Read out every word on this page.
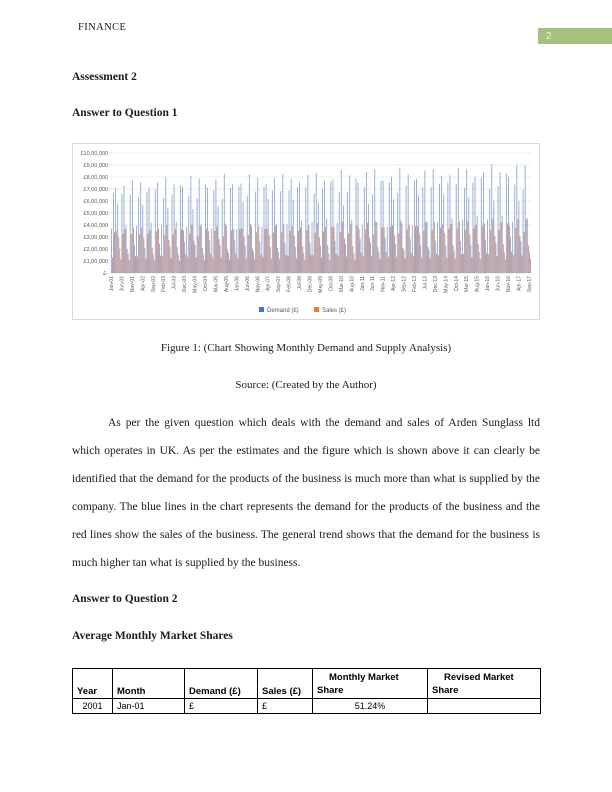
FINANCE
2
Assessment 2
Answer to Question 1
£-
£1,00,000
£2,00,000
£3,00,000
£4,00,000
£5,00,000
£6,00,000
£7,00,000
£8,00,000
£9,00,000
£10,00,000
Jan-01 Jun-01 Nov-01 Apr-02 Sep-02 Feb-03 Jul-03 Dec-03 May-04 Oct-04 Mar-05 Aug-05 Jan-06 Jun-06 Nov-06 Apr-07 Sep-07 Feb-08 Jul-08 Dec-08 May-09 Oct-09 Mar-10 Aug-10 Jan-11 Jun-11 Nov-11 Apr-12 Sep-12 Feb-13 Jul-13 Dec-13 May-14 Oct-14 Mar-15 Aug-15 Jan-16 Jun-16 Nov-16 Apr-17 Sep-17
Demand (£)	Sales (£)

Figure 1: (Chart Showing Monthly Demand and Supply Analysis)

Source: (Created by the Author)

As per the given question which deals with the demand and sales of Arden Sunglass ltd which operates in UK. As per the estimates and the figure which is shown above it can clearly be identified that the demand for the products of the business is much more than what is supplied by the company. The blue lines in the chart represents the demand for the products of the business and the red lines show the sales of the business. The general trend shows that the demand for the business is much higher tan what is supplied by the business.

Answer to Question 2
Average Monthly Market Shares
Year	Month	Demand (£)	Sales (£)	Monthly Market Share	Revised Market Share
2001	Jan-01	£	£	51.24%	
